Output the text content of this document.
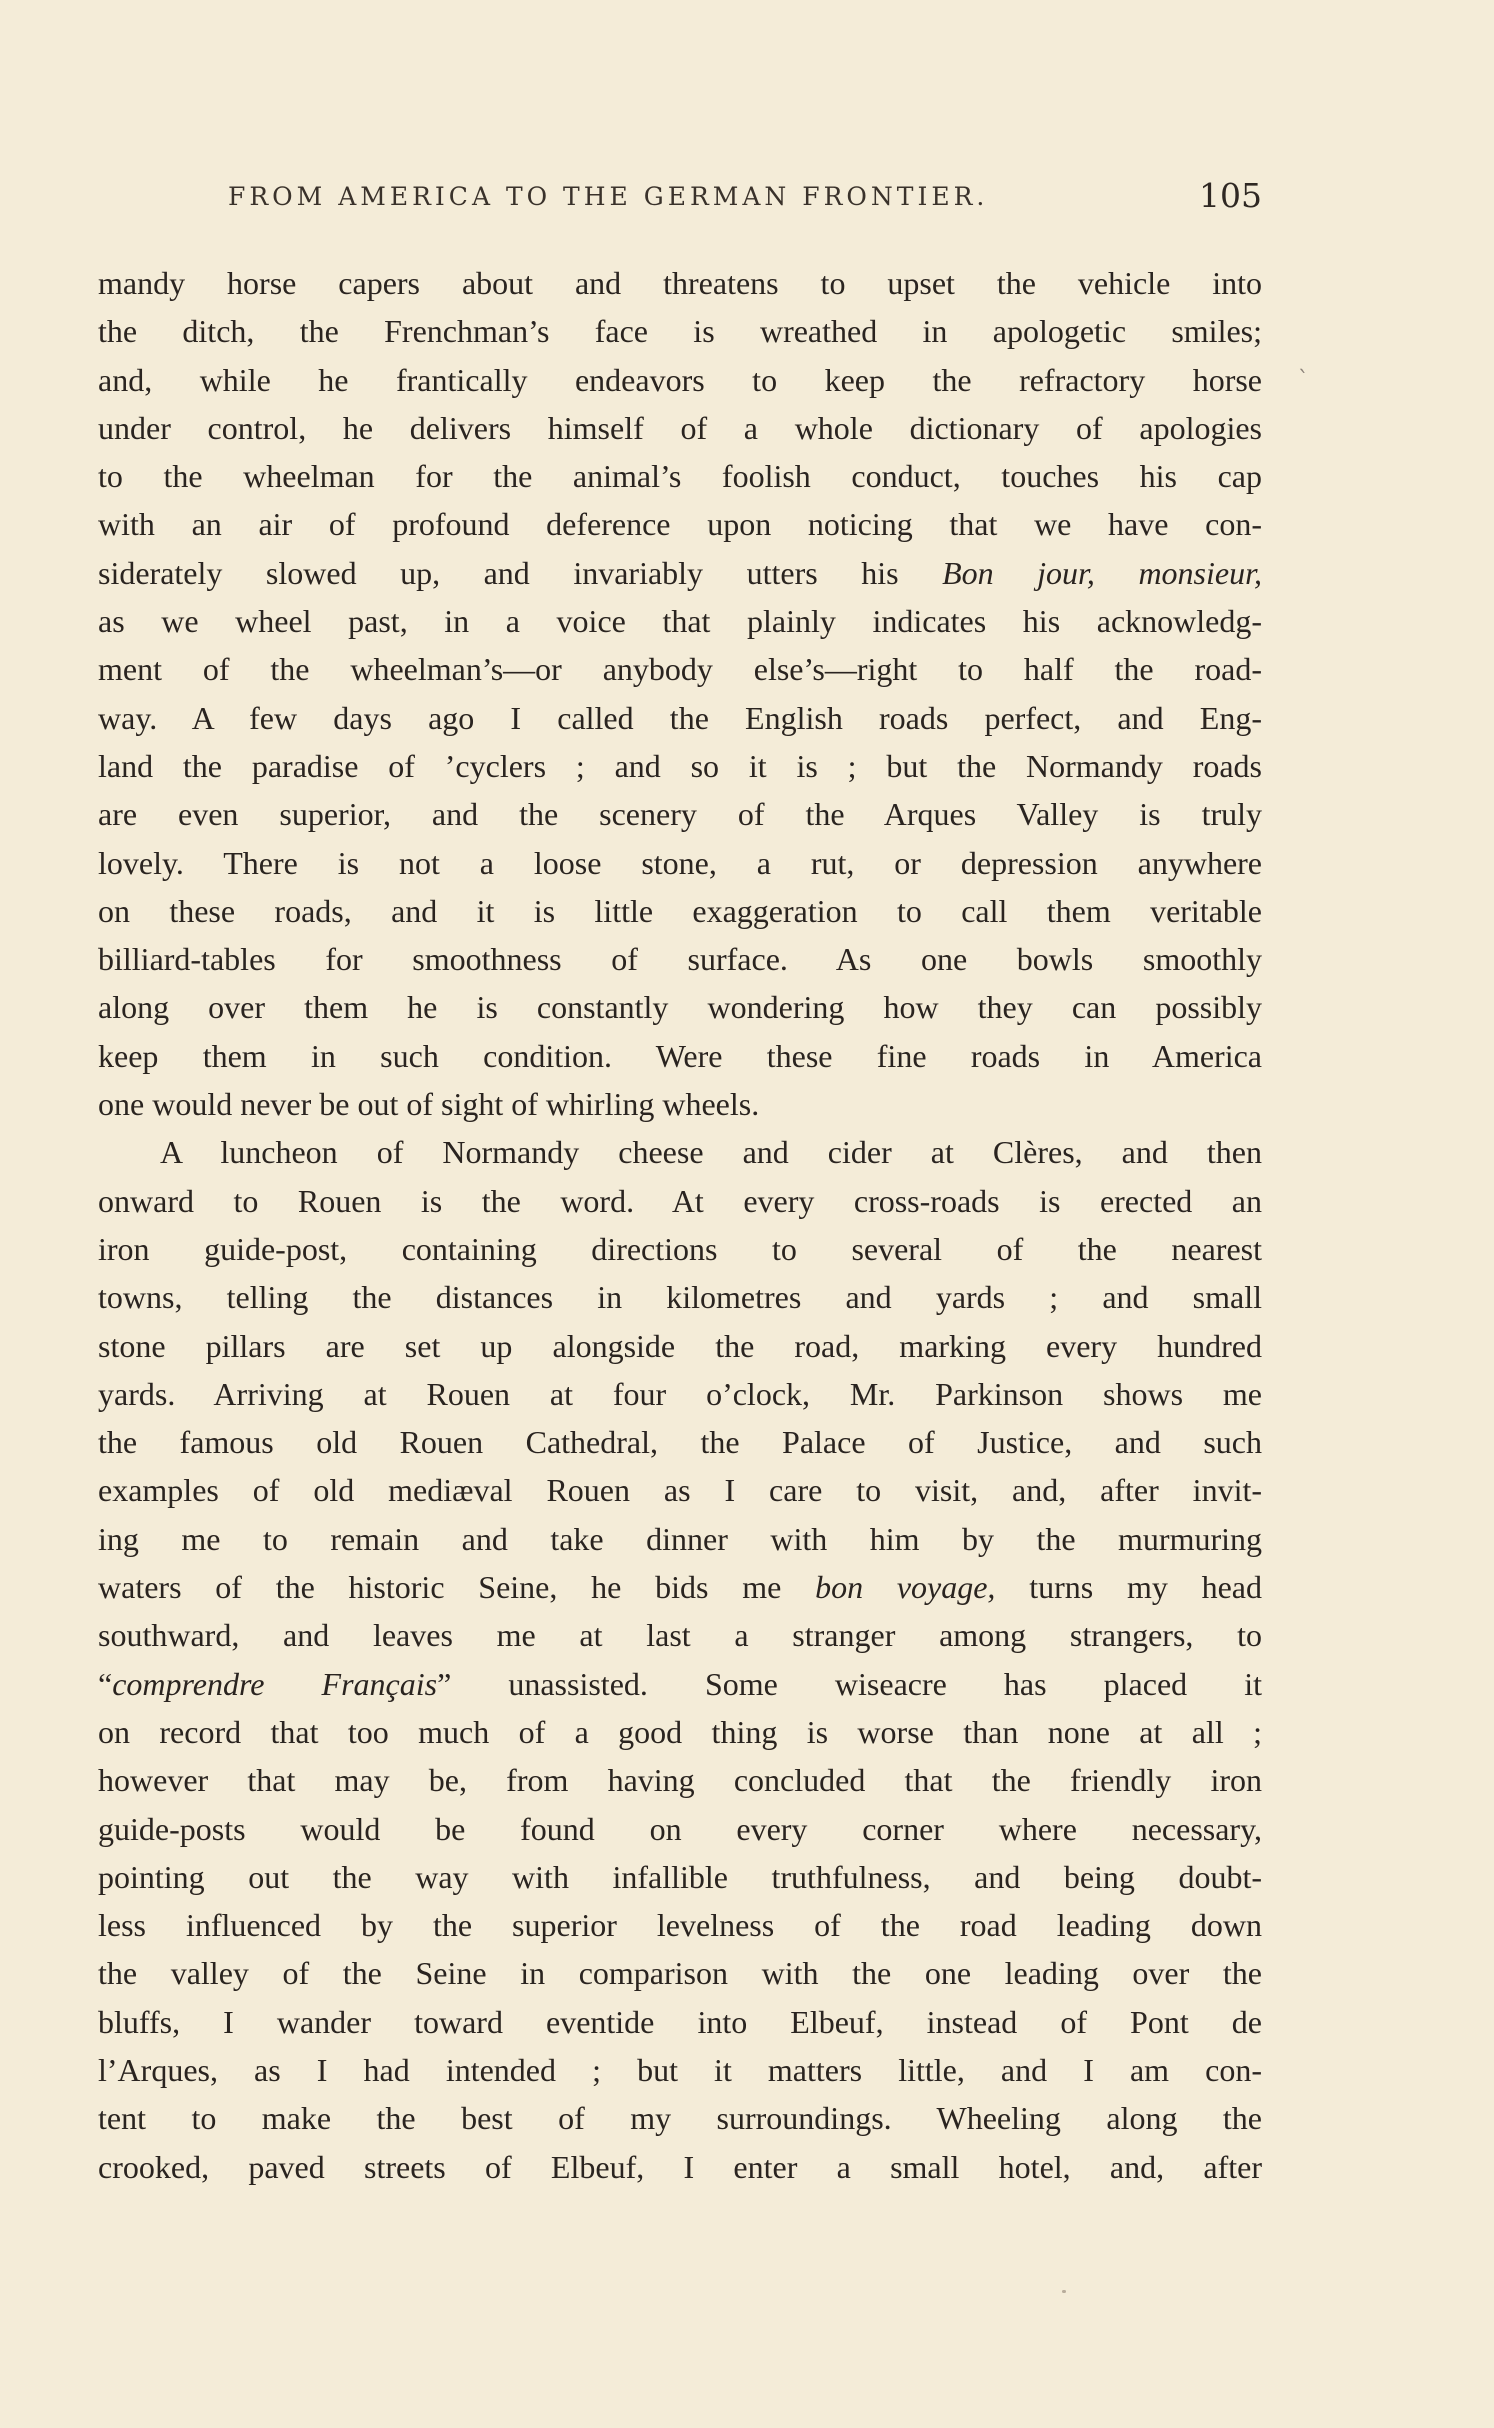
FROM AMERICA TO THE GERMAN FRONTIER.	105
ˋ
mandy horse capers about and threatens to upset the vehicle into
the ditch, the Frenchman’s face is wreathed in apologetic smiles;
and, while he frantically endeavors to keep the refractory horse
under control, he delivers himself of a whole dictionary of apologies
to the wheelman for the animal’s foolish conduct, touches his cap
with an air of profound deference upon noticing that we have con-
siderately slowed up, and invariably utters his Bon jour, monsieur,
as we wheel past, in a voice that plainly indicates his acknowledg-
ment of the wheelman’s—or anybody else’s—right to half the road-
way. A few days ago I called the English roads perfect, and Eng-
land the paradise of ’cyclers ; and so it is ; but the Normandy roads
are even superior, and the scenery of the Arques Valley is truly
lovely. There is not a loose stone, a rut, or depression anywhere
on these roads, and it is little exaggeration to call them veritable
billiard-tables for smoothness of surface. As one bowls smoothly
along over them he is constantly wondering how they can possibly
keep them in such condition. Were these fine roads in America
one would never be out of sight of whirling wheels.
A luncheon of Normandy cheese and cider at Clères, and then
onward to Rouen is the word. At every cross-roads is erected an
iron guide-post, containing directions to several of the nearest
towns, telling the distances in kilometres and yards ; and small
stone pillars are set up alongside the road, marking every hundred
yards. Arriving at Rouen at four o’clock, Mr. Parkinson shows me
the famous old Rouen Cathedral, the Palace of Justice, and such
examples of old mediæval Rouen as I care to visit, and, after invit-
ing me to remain and take dinner with him by the murmuring
waters of the historic Seine, he bids me bon voyage, turns my head
southward, and leaves me at last a stranger among strangers, to
“comprendre Français” unassisted. Some wiseacre has placed it
on record that too much of a good thing is worse than none at all ;
however that may be, from having concluded that the friendly iron
guide-posts would be found on every corner where necessary,
pointing out the way with infallible truthfulness, and being doubt-
less influenced by the superior levelness of the road leading down
the valley of the Seine in comparison with the one leading over the
bluffs, I wander toward eventide into Elbeuf, instead of Pont de
l’Arques, as I had intended ; but it matters little, and I am con-
tent to make the best of my surroundings. Wheeling along the
crooked, paved streets of Elbeuf, I enter a small hotel, and, after
